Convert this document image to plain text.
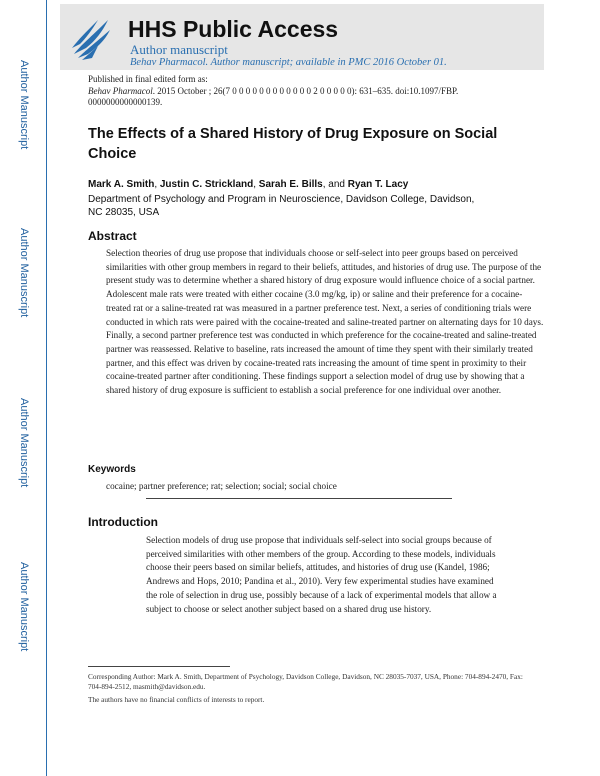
Author Manuscript
Author Manuscript
Author Manuscript
Author Manuscript
HHS Public Access
Author manuscript
Behav Pharmacol. Author manuscript; available in PMC 2016 October 01.
Published in final edited form as:
Behav Pharmacol. 2015 October ; 26(7 0 0 0 0 0 0 0 0 0 0 0 0 2 0 0 0 0 0): 631–635. doi:10.1097/FBP.
0000000000000139.
The Effects of a Shared History of Drug Exposure on Social Choice
Mark A. Smith, Justin C. Strickland, Sarah E. Bills, and Ryan T. Lacy
Department of Psychology and Program in Neuroscience, Davidson College, Davidson, NC 28035, USA
Abstract
Selection theories of drug use propose that individuals choose or self-select into peer groups based on perceived similarities with other group members in regard to their beliefs, attitudes, and histories of drug use. The purpose of the present study was to determine whether a shared history of drug exposure would influence choice of a social partner. Adolescent male rats were treated with either cocaine (3.0 mg/kg, ip) or saline and their preference for a cocaine-treated rat or a saline-treated rat was measured in a partner preference test. Next, a series of conditioning trials were conducted in which rats were paired with the cocaine-treated and saline-treated partner on alternating days for 10 days. Finally, a second partner preference test was conducted in which preference for the cocaine-treated and saline-treated partner was reassessed. Relative to baseline, rats increased the amount of time they spent with their similarly treated partner, and this effect was driven by cocaine-treated rats increasing the amount of time spent in proximity to their cocaine-treated partner after conditioning. These findings support a selection model of drug use by showing that a shared history of drug exposure is sufficient to establish a social preference for one individual over another.
Keywords
cocaine; partner preference; rat; selection; social; social choice
Introduction
Selection models of drug use propose that individuals self-select into social groups because of perceived similarities with other members of the group. According to these models, individuals choose their peers based on similar beliefs, attitudes, and histories of drug use (Kandel, 1986; Andrews and Hops, 2010; Pandina et al., 2010). Very few experimental studies have examined the role of selection in drug use, possibly because of a lack of experimental models that allow a subject to choose or select another subject based on a shared drug use history.
Corresponding Author: Mark A. Smith, Department of Psychology, Davidson College, Davidson, NC 28035-7037, USA, Phone: 704-894-2470, Fax: 704-894-2512, masmith@davidson.edu.
The authors have no financial conflicts of interests to report.
